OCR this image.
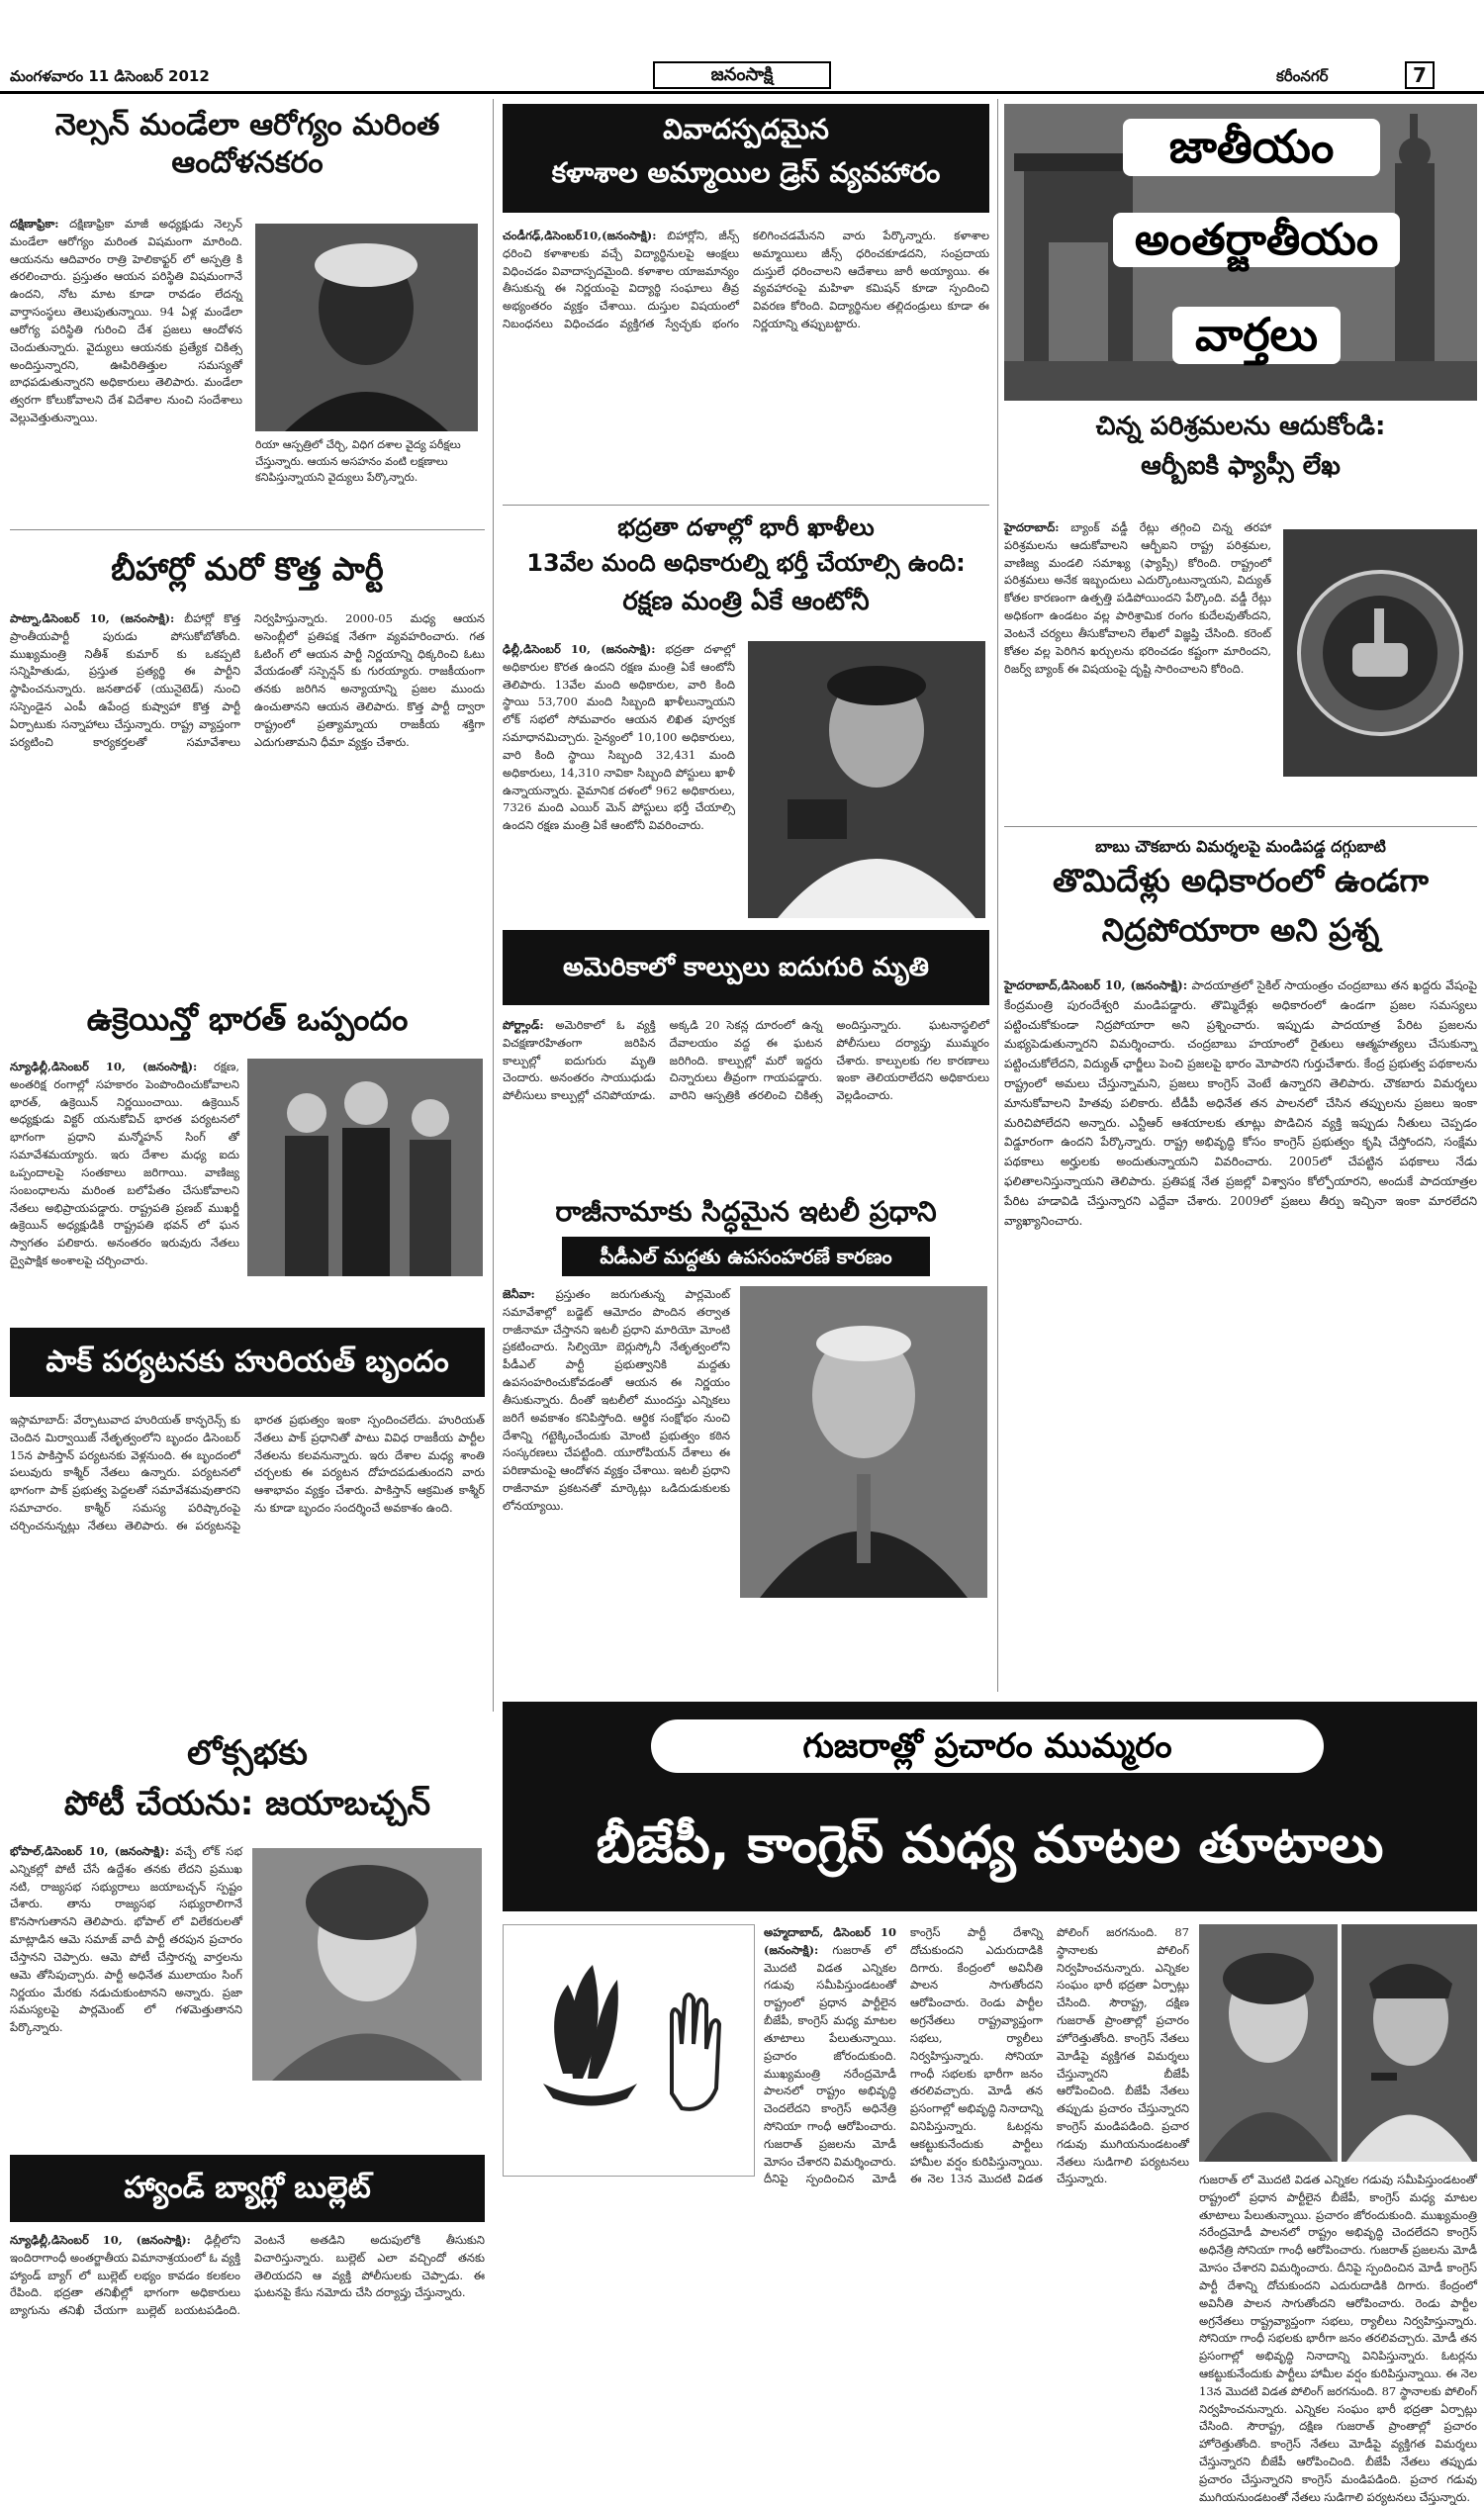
మంగళవారం 11 డిసెంబర్ 2012	జనంసాక్షి	కరీంనగర్	7
నెల్సన్ మండేలా ఆరోగ్యం మరింత ఆందోళనకరం
దక్షిణాఫ్రికా: దక్షిణాఫ్రికా మాజీ అధ్యక్షుడు నెల్సన్ మండేలా ఆరోగ్యం మరింత విషమంగా మారింది. ఆయనను ఆదివారం రాత్రి హెలికాఫ్టర్ లో అస్పత్రి కి తరలించారు. ప్రస్తుతం ఆయన పరిస్థితి విషమంగానే ఉందని, నోట మాట కూడా రావడం లేదన్న వార్తాసంస్థలు తెలుపుతున్నాయి. 94 ఏళ్ల మండేలా ఆరోగ్య పరిస్థితి గురించి దేశ ప్రజలు ఆందోళన చెందుతున్నారు. వైద్యులు ఆయనకు ప్రత్యేక చికిత్స అందిస్తున్నారని, ఊపిరితిత్తుల సమస్యతో బాధపడుతున్నారని అధికారులు తెలిపారు. మండేలా త్వరగా కోలుకోవాలని దేశ విదేశాల నుంచి సందేశాలు వెల్లువెత్తుతున్నాయి.
రియా ఆస్పత్రిలో చేర్చి, విధిగ దశాల వైద్య పరీక్షలు చేస్తున్నారు. ఆయన అసహనం వంటి లక్షణాలు కనిపిస్తున్నాయని వైద్యులు పేర్కొన్నారు.
బీహార్లో మరో కొత్త పార్టీ
పాట్నా,డిసెంబర్ 10, (జనంసాక్షి): బీహార్లో కొత్త ప్రాంతీయపార్టీ పురుడు పోసుకోబోతోంది. ముఖ్యమంత్రి నితీశ్ కుమార్ కు ఒకప్పటి సన్నిహితుడు, ప్రస్తుత ప్రత్యర్థి ఈ పార్టీని స్థాపించనున్నారు. జనతాదళ్ (యునైటెడ్) నుంచి సస్పెండైన ఎంపీ ఉపేంద్ర కుష్వాహా కొత్త పార్టీ ఏర్పాటుకు సన్నాహాలు చేస్తున్నారు. రాష్ట్ర వ్యాప్తంగా పర్యటించి కార్యకర్తలతో సమావేశాలు నిర్వహిస్తున్నారు. 2000-05 మధ్య ఆయన అసెంబ్లీలో ప్రతిపక్ష నేతగా వ్యవహరించారు. గత ఓటింగ్ లో ఆయన పార్టీ నిర్ణయాన్ని ధిక్కరించి ఓటు వేయడంతో సస్పెన్షన్ కు గురయ్యారు. రాజకీయంగా తనకు జరిగిన అన్యాయాన్ని ప్రజల ముందు ఉంచుతానని ఆయన తెలిపారు. కొత్త పార్టీ ద్వారా రాష్ట్రంలో ప్రత్యామ్నాయ రాజకీయ శక్తిగా ఎదుగుతామని ధీమా వ్యక్తం చేశారు.
ఉక్రెయిన్తో భారత్ ఒప్పందం
న్యూఢిల్లీ,డిసెంబర్ 10, (జనంసాక్షి): రక్షణ, అంతరిక్ష రంగాల్లో సహకారం పెంపొందించుకోవాలని భారత్, ఉక్రెయిన్ నిర్ణయించాయి. ఉక్రెయిన్ అధ్యక్షుడు విక్టర్ యనుకోవిచ్ భారత పర్యటనలో భాగంగా ప్రధాని మన్మోహన్ సింగ్ తో సమావేశమయ్యారు. ఇరు దేశాల మధ్య ఐదు ఒప్పందాలపై సంతకాలు జరిగాయి. వాణిజ్య సంబంధాలను మరింత బలోపేతం చేసుకోవాలని నేతలు అభిప్రాయపడ్డారు. రాష్ట్రపతి ప్రణబ్ ముఖర్జీ ఉక్రెయిన్ అధ్యక్షుడికి రాష్ట్రపతి భవన్ లో ఘన స్వాగతం పలికారు. అనంతరం ఇరువురు నేతలు ద్వైపాక్షిక అంశాలపై చర్చించారు.
పాక్ పర్యటనకు హురియత్ బృందం
ఇస్లామాబాద్: వేర్పాటువాద హురియత్ కాన్ఫరెన్స్ కు చెందిన మిర్వాయిజ్ నేతృత్వంలోని బృందం డిసెంబర్ 15న పాకిస్తాన్ పర్యటనకు వెళ్లనుంది. ఈ బృందంలో పలువురు కాశ్మీర్ నేతలు ఉన్నారు. పర్యటనలో భాగంగా పాక్ ప్రభుత్వ పెద్దలతో సమావేశమవుతారని సమాచారం. కాశ్మీర్ సమస్య పరిష్కారంపై చర్చించనున్నట్లు నేతలు తెలిపారు. ఈ పర్యటనపై భారత ప్రభుత్వం ఇంకా స్పందించలేదు. హురియత్ నేతలు పాక్ ప్రధానితో పాటు వివిధ రాజకీయ పార్టీల నేతలను కలవనున్నారు. ఇరు దేశాల మధ్య శాంతి చర్చలకు ఈ పర్యటన దోహదపడుతుందని వారు ఆశాభావం వ్యక్తం చేశారు. పాకిస్తాన్ ఆక్రమిత కాశ్మీర్ ను కూడా బృందం సందర్శించే అవకాశం ఉంది.
లోక్సభకు
పోటీ చేయను: జయాబచ్చన్
భోపాల్,డిసెంబర్ 10, (జనంసాక్షి): వచ్చే లోక్ సభ ఎన్నికల్లో పోటీ చేసే ఉద్దేశం తనకు లేదని ప్రముఖ నటి, రాజ్యసభ సభ్యురాలు జయాబచ్చన్ స్పష్టం చేశారు. తాను రాజ్యసభ సభ్యురాలిగానే కొనసాగుతానని తెలిపారు. భోపాల్ లో విలేకరులతో మాట్లాడిన ఆమె సమాజ్ వాదీ పార్టీ తరపున ప్రచారం చేస్తానని చెప్పారు. ఆమె పోటీ చేస్తారన్న వార్తలను ఆమె తోసిపుచ్చారు. పార్టీ అధినేత ములాయం సింగ్ నిర్ణయం మేరకు నడుచుకుంటానని అన్నారు. ప్రజా సమస్యలపై పార్లమెంట్ లో గళమెత్తుతానని పేర్కొన్నారు.
హ్యాండ్ బ్యాగ్లో బుల్లెట్
న్యూఢిల్లీ,డిసెంబర్ 10, (జనంసాక్షి): ఢిల్లీలోని ఇందిరాగాంధీ అంతర్జాతీయ విమానాశ్రయంలో ఓ వ్యక్తి హ్యాండ్ బ్యాగ్ లో బుల్లెట్ లభ్యం కావడం కలకలం రేపింది. భద్రతా తనిఖీల్లో భాగంగా అధికారులు బ్యాగును తనిఖీ చేయగా బుల్లెట్ బయటపడింది. వెంటనే అతడిని అదుపులోకి తీసుకుని విచారిస్తున్నారు. బుల్లెట్ ఎలా వచ్చిందో తనకు తెలియదని ఆ వ్యక్తి పోలీసులకు చెప్పాడు. ఈ ఘటనపై కేసు నమోదు చేసి దర్యాప్తు చేస్తున్నారు.
వివాదస్పదమైన
కళాశాల అమ్మాయిల డ్రెస్ వ్యవహారం
చండీగఢ్,డిసెంబర్10,(జనంసాక్షి): బిహార్లోని, జీన్స్ ధరించి కళాశాలకు వచ్చే విద్యార్థినులపై ఆంక్షలు విధించడం వివాదాస్పదమైంది. కళాశాల యాజమాన్యం తీసుకున్న ఈ నిర్ణయంపై విద్యార్థి సంఘాలు తీవ్ర అభ్యంతరం వ్యక్తం చేశాయి. దుస్తుల విషయంలో నిబంధనలు విధించడం వ్యక్తిగత స్వేచ్ఛకు భంగం కలిగించడమేనని వారు పేర్కొన్నారు. కళాశాల అమ్మాయిలు జీన్స్ ధరించకూడదని, సంప్రదాయ దుస్తులే ధరించాలని ఆదేశాలు జారీ అయ్యాయి. ఈ వ్యవహారంపై మహిళా కమిషన్ కూడా స్పందించి వివరణ కోరింది. విద్యార్థినుల తల్లిదండ్రులు కూడా ఈ నిర్ణయాన్ని తప్పుబట్టారు.
భద్రతా దళాల్లో భారీ ఖాళీలు
13వేల మంది అధికారుల్ని భర్తీ చేయాల్సి ఉంది:
రక్షణ మంత్రి ఏకే ఆంటోనీ
ఢిల్లీ,డిసెంబర్ 10, (జనంసాక్షి): భద్రతా దళాల్లో అధికారుల కొరత ఉందని రక్షణ మంత్రి ఏకే ఆంటోనీ తెలిపారు. 13వేల మంది అధికారుల, వారి కింది స్థాయి 53,700 మంది సిబ్బంది ఖాళీలున్నాయని లోక్ సభలో సోమవారం ఆయన లిఖిత పూర్వక సమాధానమిచ్చారు. సైన్యంలో 10,100 అధికారులు, వారి కింది స్థాయి సిబ్బంది 32,431 మంది అధికారులు, 14,310 నావికా సిబ్బంది పోస్టులు ఖాళీ ఉన్నాయన్నారు. వైమానిక దళంలో 962 అధికారులు, 7326 మంది ఎయిర్ మెన్ పోస్టులు భర్తీ చేయాల్సి ఉందని రక్షణ మంత్రి ఏకే ఆంటోనీ వివరించారు.
అమెరికాలో కాల్పులు ఐదుగురి మృతి
పోర్ట్లాండ్: అమెరికాలో ఓ వ్యక్తి విచక్షణారహితంగా జరిపిన కాల్పుల్లో ఐదుగురు మృతి చెందారు. అనంతరం సాయుధుడు పోలీసులు కాల్పుల్లో చనిపోయాడు. అక్కడి 20 సెకన్ల దూరంలో ఉన్న దేవాలయం వద్ద ఈ ఘటన జరిగింది. కాల్పుల్లో మరో ఇద్దరు చిన్నారులు తీవ్రంగా గాయపడ్డారు. వారిని ఆస్పత్రికి తరలించి చికిత్స అందిస్తున్నారు. ఘటనాస్థలిలో పోలీసులు దర్యాప్తు ముమ్మరం చేశారు. కాల్పులకు గల కారణాలు ఇంకా తెలియరాలేదని అధికారులు వెల్లడించారు.
రాజీనామాకు సిద్ధమైన ఇటలీ ప్రధాని
పీడీఎల్ మద్దతు ఉపసంహరణే కారణం
జెనీవా: ప్రస్తుతం జరుగుతున్న పార్లమెంట్ సమావేశాల్లో బడ్జెట్ ఆమోదం పొందిన తర్వాత రాజీనామా చేస్తానని ఇటలీ ప్రధాని మారియో మోంటి ప్రకటించారు. సిల్వియో బెర్లుస్కోనీ నేతృత్వంలోని పీడీఎల్ పార్టీ ప్రభుత్వానికి మద్దతు ఉపసంహరించుకోవడంతో ఆయన ఈ నిర్ణయం తీసుకున్నారు. దీంతో ఇటలీలో ముందస్తు ఎన్నికలు జరిగే అవకాశం కనిపిస్తోంది. ఆర్థిక సంక్షోభం నుంచి దేశాన్ని గట్టెక్కించేందుకు మోంటి ప్రభుత్వం కఠిన సంస్కరణలు చేపట్టింది. యూరోపియన్ దేశాలు ఈ పరిణామంపై ఆందోళన వ్యక్తం చేశాయి. ఇటలీ ప్రధాని రాజీనామా ప్రకటనతో మార్కెట్లు ఒడిదుడుకులకు లోనయ్యాయి.
జాతీయం
అంతర్జాతీయం
వార్తలు
చిన్న పరిశ్రమలను ఆదుకోండి:
ఆర్బీఐకి ఫ్యాప్సీ లేఖ
హైదరాబాద్: బ్యాంక్ వడ్డీ రేట్లు తగ్గించి చిన్న తరహా పరిశ్రమలను ఆదుకోవాలని ఆర్బీఐని రాష్ట్ర పరిశ్రమల, వాణిజ్య మండలి సమాఖ్య (ఫ్యాప్సీ) కోరింది. రాష్ట్రంలో పరిశ్రమలు అనేక ఇబ్బందులు ఎదుర్కొంటున్నాయని, విద్యుత్ కోతల కారణంగా ఉత్పత్తి పడిపోయిందని పేర్కొంది. వడ్డీ రేట్లు అధికంగా ఉండటం వల్ల పారిశ్రామిక రంగం కుదేలవుతోందని, వెంటనే చర్యలు తీసుకోవాలని లేఖలో విజ్ఞప్తి చేసింది. కరెంట్ కోతల వల్ల పెరిగిన ఖర్చులను భరించడం కష్టంగా మారిందని, రిజర్వ్ బ్యాంక్ ఈ విషయంపై దృష్టి సారించాలని కోరింది.
బాబు చౌకబారు విమర్శలపై మండిపడ్డ దగ్గుబాటి
తొమిదేళ్లు అధికారంలో ఉండగా
నిద్రపోయారా అని ప్రశ్న
హైదరాబాద్,డిసెంబర్ 10, (జనంసాక్షి): పాదయాత్రలో సైకిల్ సాయంత్రం చంద్రబాబు తన ఖద్దరు వేషంపై కేంద్రమంత్రి పురందేశ్వరి మండిపడ్డారు. తొమ్మిదేళ్లు అధికారంలో ఉండగా ప్రజల సమస్యలు పట్టించుకోకుండా నిద్రపోయారా అని ప్రశ్నించారు. ఇప్పుడు పాదయాత్ర పేరిట ప్రజలను మభ్యపెడుతున్నారని విమర్శించారు. చంద్రబాబు హయాంలో రైతులు ఆత్మహత్యలు చేసుకున్నా పట్టించుకోలేదని, విద్యుత్ ఛార్జీలు పెంచి ప్రజలపై భారం మోపారని గుర్తుచేశారు. కేంద్ర ప్రభుత్వ పథకాలను రాష్ట్రంలో అమలు చేస్తున్నామని, ప్రజలు కాంగ్రెస్ వెంటే ఉన్నారని తెలిపారు. చౌకబారు విమర్శలు మానుకోవాలని హితవు పలికారు. టీడీపీ అధినేత తన పాలనలో చేసిన తప్పులను ప్రజలు ఇంకా మరిచిపోలేదని అన్నారు. ఎన్టీఆర్ ఆశయాలకు తూట్లు పొడిచిన వ్యక్తి ఇప్పుడు నీతులు చెప్పడం విడ్డూరంగా ఉందని పేర్కొన్నారు. రాష్ట్ర అభివృద్ధి కోసం కాంగ్రెస్ ప్రభుత్వం కృషి చేస్తోందని, సంక్షేమ పథకాలు అర్హులకు అందుతున్నాయని వివరించారు. 2005లో చేపట్టిన పథకాలు నేడు ఫలితాలనిస్తున్నాయని తెలిపారు. ప్రతిపక్ష నేత ప్రజల్లో విశ్వాసం కోల్పోయారని, అందుకే పాదయాత్రల పేరిట హడావిడి చేస్తున్నారని ఎద్దేవా చేశారు. 2009లో ప్రజలు తీర్పు ఇచ్చినా ఇంకా మారలేదని వ్యాఖ్యానించారు.
గుజరాత్లో ప్రచారం ముమ్మరం
బీజేపీ, కాంగ్రెస్ మధ్య మాటల తూటాలు
అహ్మదాబాద్, డిసెంబర్ 10 (జనంసాక్షి): గుజరాత్ లో మొదటి విడత ఎన్నికల గడువు సమీపిస్తుండటంతో రాష్ట్రంలో ప్రధాన పార్టీలైన బీజేపీ, కాంగ్రెస్ మధ్య మాటల తూటాలు పేలుతున్నాయి. ప్రచారం జోరందుకుంది. ముఖ్యమంత్రి నరేంద్రమోడీ పాలనలో రాష్ట్రం అభివృద్ధి చెందలేదని కాంగ్రెస్ అధినేత్రి సోనియా గాంధీ ఆరోపించారు. గుజరాత్ ప్రజలను మోడీ మోసం చేశారని విమర్శించారు. దీనిపై స్పందించిన మోడీ కాంగ్రెస్ పార్టీ దేశాన్ని దోచుకుందని ఎదురుదాడికి దిగారు. కేంద్రంలో అవినీతి పాలన సాగుతోందని ఆరోపించారు. రెండు పార్టీల అగ్రనేతలు రాష్ట్రవ్యాప్తంగా సభలు, ర్యాలీలు నిర్వహిస్తున్నారు. సోనియా గాంధీ సభలకు భారీగా జనం తరలివచ్చారు. మోడీ తన ప్రసంగాల్లో అభివృద్ధి నినాదాన్ని వినిపిస్తున్నారు. ఓటర్లను ఆకట్టుకునేందుకు పార్టీలు హామీల వర్షం కురిపిస్తున్నాయి. ఈ నెల 13న మొదటి విడత పోలింగ్ జరగనుంది. 87 స్థానాలకు పోలింగ్ నిర్వహించనున్నారు. ఎన్నికల సంఘం భారీ భద్రతా ఏర్పాట్లు చేసింది. సౌరాష్ట్ర, దక్షిణ గుజరాత్ ప్రాంతాల్లో ప్రచారం హోరెత్తుతోంది. కాంగ్రెస్ నేతలు మోడీపై వ్యక్తిగత విమర్శలు చేస్తున్నారని బీజేపీ ఆరోపించింది. బీజేపీ నేతలు తప్పుడు ప్రచారం చేస్తున్నారని కాంగ్రెస్ మండిపడింది. ప్రచార గడువు ముగియనుండటంతో నేతలు సుడిగాలి పర్యటనలు చేస్తున్నారు.	గుజరాత్ లో మొదటి విడత ఎన్నికల గడువు సమీపిస్తుండటంతో రాష్ట్రంలో ప్రధాన పార్టీలైన బీజేపీ, కాంగ్రెస్ మధ్య మాటల తూటాలు పేలుతున్నాయి. ప్రచారం జోరందుకుంది. ముఖ్యమంత్రి నరేంద్రమోడీ పాలనలో రాష్ట్రం అభివృద్ధి చెందలేదని కాంగ్రెస్ అధినేత్రి సోనియా గాంధీ ఆరోపించారు. గుజరాత్ ప్రజలను మోడీ మోసం చేశారని విమర్శించారు. దీనిపై స్పందించిన మోడీ కాంగ్రెస్ పార్టీ దేశాన్ని దోచుకుందని ఎదురుదాడికి దిగారు. కేంద్రంలో అవినీతి పాలన సాగుతోందని ఆరోపించారు. రెండు పార్టీల అగ్రనేతలు రాష్ట్రవ్యాప్తంగా సభలు, ర్యాలీలు నిర్వహిస్తున్నారు. సోనియా గాంధీ సభలకు భారీగా జనం తరలివచ్చారు. మోడీ తన ప్రసంగాల్లో అభివృద్ధి నినాదాన్ని వినిపిస్తున్నారు. ఓటర్లను ఆకట్టుకునేందుకు పార్టీలు హామీల వర్షం కురిపిస్తున్నాయి. ఈ నెల 13న మొదటి విడత పోలింగ్ జరగనుంది. 87 స్థానాలకు పోలింగ్ నిర్వహించనున్నారు. ఎన్నికల సంఘం భారీ భద్రతా ఏర్పాట్లు చేసింది. సౌరాష్ట్ర, దక్షిణ గుజరాత్ ప్రాంతాల్లో ప్రచారం హోరెత్తుతోంది. కాంగ్రెస్ నేతలు మోడీపై వ్యక్తిగత విమర్శలు చేస్తున్నారని బీజేపీ ఆరోపించింది. బీజేపీ నేతలు తప్పుడు ప్రచారం చేస్తున్నారని కాంగ్రెస్ మండిపడింది. ప్రచార గడువు ముగియనుండటంతో నేతలు సుడిగాలి పర్యటనలు చేస్తున్నారు.
